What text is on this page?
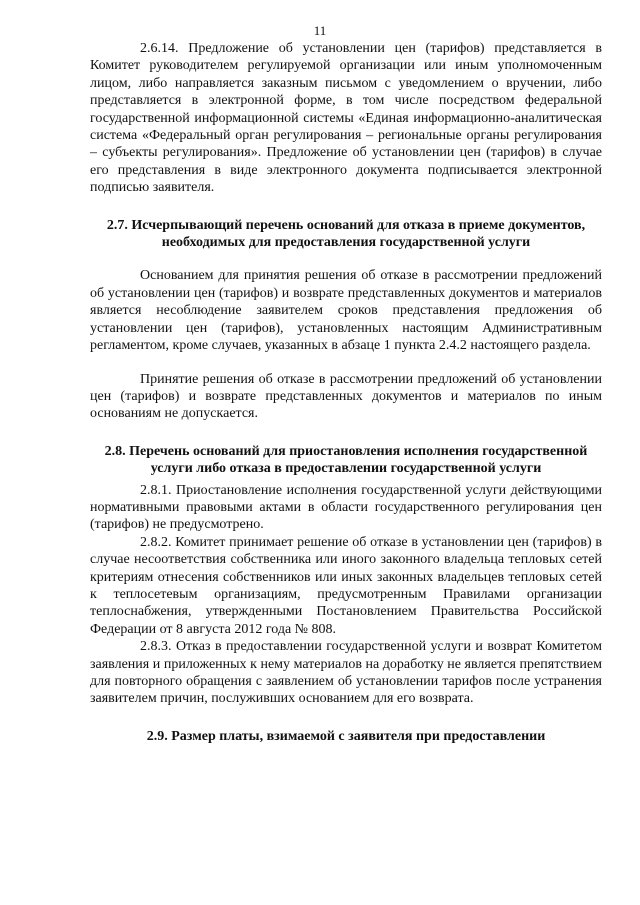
11

2.6.14. Предложение об установлении цен (тарифов) представляется в Комитет руководителем регулируемой организации или иным уполномоченным лицом, либо направляется заказным письмом с уведомлением о вручении, либо представляется в электронной форме, в том числе посредством федеральной государственной информационной системы «Единая информационно-аналитическая система «Федеральный орган регулирования – региональные органы регулирования – субъекты регулирования». Предложение об установлении цен (тарифов) в случае его представления в виде электронного документа подписывается электронной подписью заявителя.

2.7. Исчерпывающий перечень оснований для отказа в приеме документов, необходимых для предоставления государственной услуги

Основанием для принятия решения об отказе в рассмотрении предложений об установлении цен (тарифов) и возврате представленных документов и материалов является несоблюдение заявителем сроков представления предложения об установлении цен (тарифов), установленных настоящим Административным регламентом, кроме случаев, указанных в абзаце 1 пункта 2.4.2 настоящего раздела.

Принятие решения об отказе в рассмотрении предложений об установлении цен (тарифов) и возврате представленных документов и материалов по иным основаниям не допускается.

2.8. Перечень оснований для приостановления исполнения государственной услуги либо отказа в предоставлении государственной услуги

2.8.1. Приостановление исполнения государственной услуги действующими нормативными правовыми актами в области государственного регулирования цен (тарифов) не предусмотрено.

2.8.2. Комитет принимает решение об отказе в установлении цен (тарифов) в случае несоответствия собственника или иного законного владельца тепловых сетей критериям отнесения собственников или иных законных владельцев тепловых сетей к теплосетевым организациям, предусмотренным Правилами организации теплоснабжения, утвержденными Постановлением Правительства Российской Федерации от 8 августа 2012 года № 808.

2.8.3. Отказ в предоставлении государственной услуги и возврат Комитетом заявления и приложенных к нему материалов на доработку не является препятствием для повторного обращения с заявлением об установлении тарифов после устранения заявителем причин, послуживших основанием для его возврата.

2.9. Размер платы, взимаемой с заявителя при предоставлении
